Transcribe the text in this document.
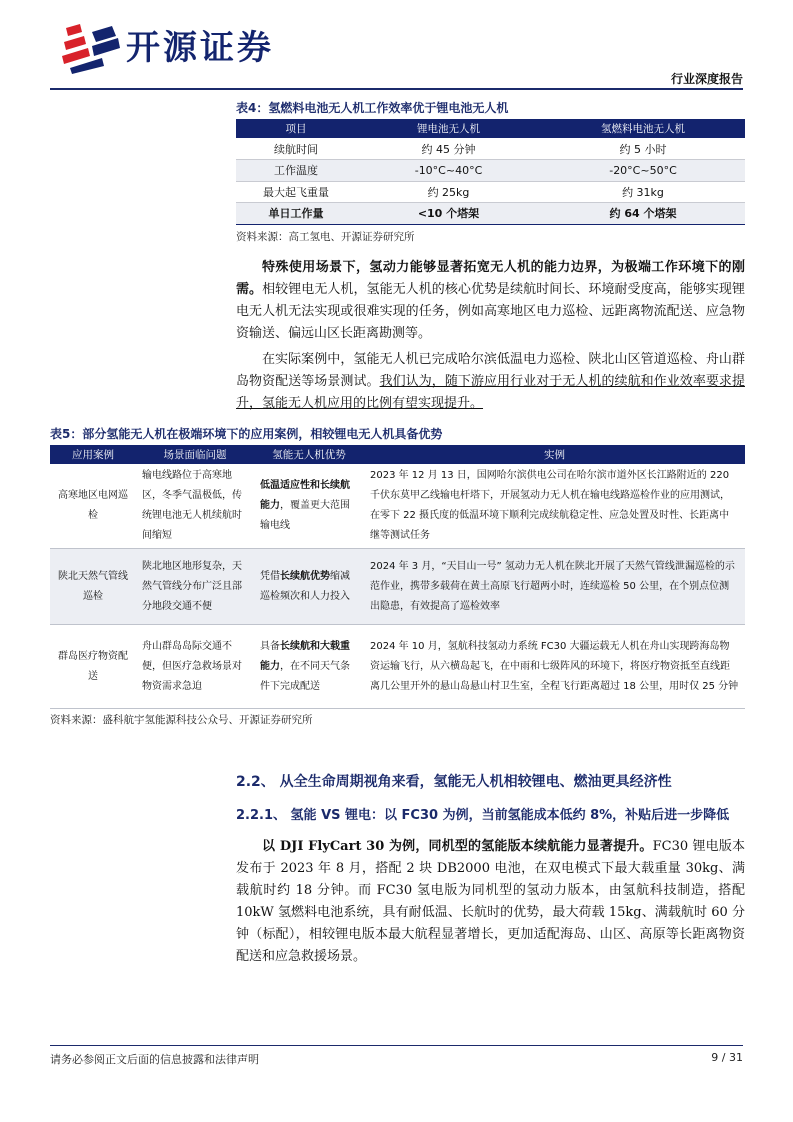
开源证券
行业深度报告
表4：氢燃料电池无人机工作效率优于锂电池无人机
项目	锂电池无人机	氢燃料电池无人机
续航时间	约 45 分钟	约 5 小时
工作温度	-10°C~40°C	-20°C~50°C
最大起飞重量	约 25kg	约 31kg
单日工作量	<10 个塔架	约 64 个塔架
资料来源：高工氢电、开源证券研究所
特殊使用场景下，氢动力能够显著拓宽无人机的能力边界，为极端工作环境下的刚需。相较锂电无人机，氢能无人机的核心优势是续航时间长、环境耐受度高，能够实现锂电无人机无法实现或很难实现的任务，例如高寒地区电力巡检、远距离物流配送、应急物资输送、偏远山区长距离勘测等。
在实际案例中，氢能无人机已完成哈尔滨低温电力巡检、陕北山区管道巡检、舟山群岛物资配送等场景测试。我们认为，随下游应用行业对于无人机的续航和作业效率要求提升，氢能无人机应用的比例有望实现提升。
表5：部分氢能无人机在极端环境下的应用案例，相较锂电无人机具备优势
应用案例	场景面临问题	氢能无人机优势	实例
高寒地区电网巡检	输电线路位于高寒地区，冬季气温极低，传统锂电池无人机续航时间缩短	低温适应性和长续航能力，覆盖更大范围输电线	2023 年 12 月 13 日，国网哈尔滨供电公司在哈尔滨市道外区长江路附近的 220 千伏东莫甲乙线输电杆塔下，开展氢动力无人机在输电线路巡检作业的应用测试，在零下 22 摄氏度的低温环境下顺利完成续航稳定性、应急处置及时性、长距离中继等测试任务
陕北天然气管线巡检	陕北地区地形复杂，天然气管线分布广泛且部分地段交通不便	凭借长续航优势缩减巡检频次和人力投入	2024 年 3 月，“天目山一号” 氢动力无人机在陕北开展了天然气管线泄漏巡检的示范作业，携带多载荷在黄土高原飞行超两小时，连续巡检 50 公里，在个别点位测出隐患，有效提高了巡检效率
群岛医疗物资配送	舟山群岛岛际交通不便，但医疗急救场景对物资需求急迫	具备长续航和大载重能力，在不同天气条件下完成配送	2024 年 10 月，氢航科技氢动力系统 FC30 大疆运载无人机在舟山实现跨海岛物资运输飞行，从六横岛起飞，在中雨和七级阵风的环境下，将医疗物资抵至直线距离几公里开外的悬山岛悬山村卫生室，全程飞行距离超过 18 公里，用时仅 25 分钟
资料来源：盛科航宇氢能源科技公众号、开源证券研究所
2.2、 从全生命周期视角来看，氢能无人机相较锂电、燃油更具经济性
2.2.1、 氢能 VS 锂电：以 FC30 为例，当前氢能成本低约 8%，补贴后进一步降低
以 DJI FlyCart 30 为例，同机型的氢能版本续航能力显著提升。FC30 锂电版本发布于 2023 年 8 月，搭配 2 块 DB2000 电池，在双电模式下最大载重量 30kg、满载航时约 18 分钟。而 FC30 氢电版为同机型的氢动力版本，由氢航科技制造，搭配 10kW 氢燃料电池系统，具有耐低温、长航时的优势，最大荷载 15kg、满载航时 60 分钟（标配），相较锂电版本最大航程显著增长，更加适配海岛、山区、高原等长距离物资配送和应急救援场景。
请务必参阅正文后面的信息披露和法律声明	9 / 31
